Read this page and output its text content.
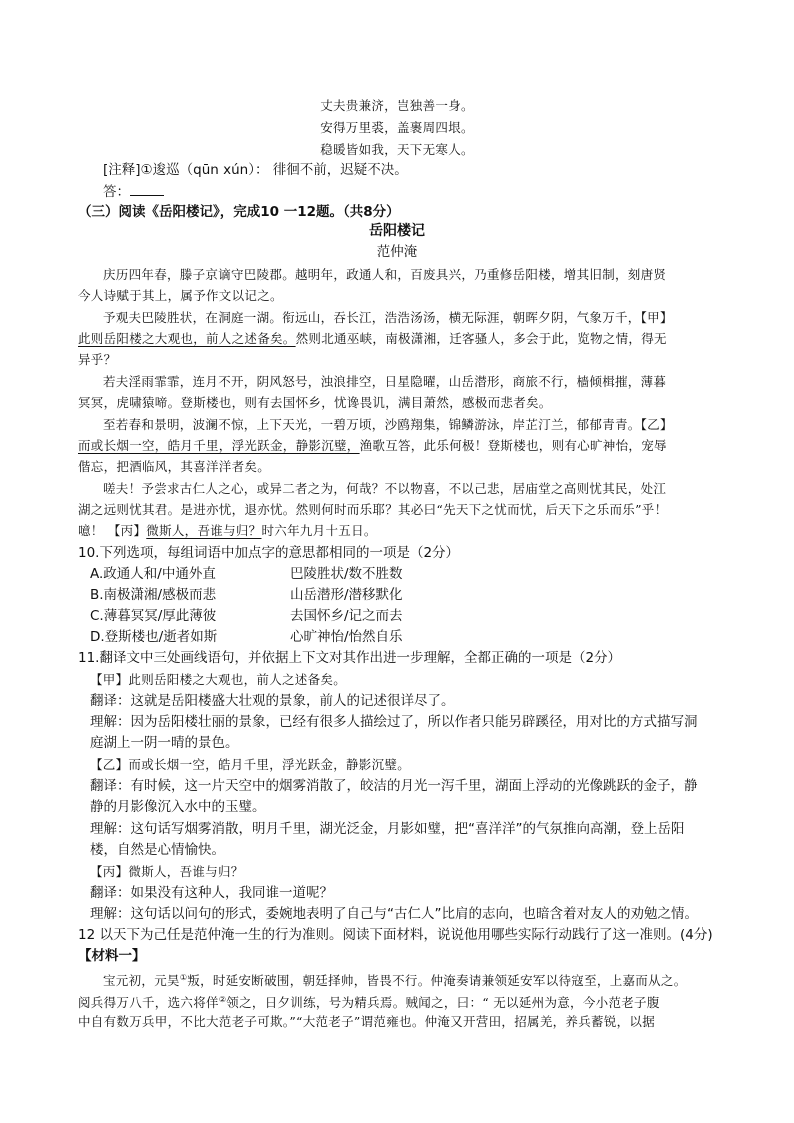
丈夫贵兼济，岂独善一身。
安得万里裘，盖裹周四垠。
稳暖皆如我，天下无寒人。
[注释]①逡巡（qūn xún）： 徘徊不前，迟疑不决。
答：
（三）阅读《岳阳楼记》，完成10 一12题。（共8分）
岳阳楼记
范仲淹
庆历四年春，滕子京谪守巴陵郡。越明年，政通人和，百废具兴，乃重修岳阳楼，增其旧制，刻唐贤
今人诗赋于其上，属予作文以记之。
予观夫巴陵胜状，在洞庭一湖。衔远山，吞长江，浩浩汤汤，横无际涯，朝晖夕阴，气象万千，【甲】
此则岳阳楼之大观也，前人之述备矣。然则北通巫峡，南极潇湘，迁客骚人，多会于此，览物之情，得无
异乎？
若夫淫雨霏霏，连月不开，阴风怒号，浊浪排空，日星隐曜，山岳潜形，商旅不行，樯倾楫摧，薄暮
冥冥，虎啸猿啼。登斯楼也，则有去国怀乡，忧谗畏讥，满目萧然，感极而悲者矣。
至若春和景明，波澜不惊，上下天光，一碧万顷，沙鸥翔集，锦鳞游泳，岸芷汀兰，郁郁青青。【乙】
而或长烟一空，皓月千里，浮光跃金，静影沉璧，渔歌互答，此乐何极！登斯楼也，则有心旷神怡，宠辱
偕忘，把酒临风，其喜洋洋者矣。
嗟夫！予尝求古仁人之心，或异二者之为，何哉？不以物喜，不以己悲，居庙堂之高则忧其民，处江
湖之远则忧其君。是进亦忧，退亦忧。然则何时而乐耶？其必曰“先天下之忧而忧，后天下之乐而乐”乎！
噫！ 【丙】微斯人，吾谁与归？时六年九月十五日。
10.下列选项，每组词语中加点字的意思都相同的一项是（2分）
A.政通人和/中通外直	巴陵胜状/数不胜数
B.南极潇湘/感极而悲	山岳潜形/潜移默化
C.薄暮冥冥/厚此薄彼	去国怀乡/记之而去
D.登斯楼也/逝者如斯	心旷神怡/怡然自乐
11.翻译文中三处画线语句，并依据上下文对其作出进一步理解，全都正确的一项是（2分）
【甲】此则岳阳楼之大观也，前人之述备矣。
翻译：这就是岳阳楼盛大壮观的景象，前人的记述很详尽了。
理解：因为岳阳楼壮丽的景象，已经有很多人描绘过了，所以作者只能另辟蹊径，用对比的方式描写洞
庭湖上一阴一晴的景色。
【乙】而或长烟一空，皓月千里，浮光跃金，静影沉璧。
翻译：有时候，这一片天空中的烟雾消散了，皎洁的月光一泻千里，湖面上浮动的光像跳跃的金子，静
静的月影像沉入水中的玉璧。
理解：这句话写烟雾消散，明月千里，湖光泛金，月影如璧，把“喜洋洋”的气氛推向高潮，登上岳阳
楼，自然是心情愉快。
【丙】微斯人，吾谁与归？
翻译：如果没有这种人，我同谁一道呢？
理解：这句话以问句的形式，委婉地表明了自己与“古仁人”比肩的志向，也暗含着对友人的劝勉之情。
12 以天下为己任是范仲淹一生的行为准则。阅读下面材料，说说他用哪些实际行动践行了这一准则。(4分)
【材料一】
宝元初，元昊①叛，时延安断破围，朝廷择帅，皆畏不行。仲淹奏请兼领延安军以待寇至，上嘉而从之。
阅兵得万八千，选六将佯②领之，日夕训练，号为精兵焉。贼闻之，曰：“ 无以延州为意，今小范老子腹
中自有数万兵甲，不比大范老子可欺。”“大范老子”谓范雍也。仲淹又开营田，招属羌，养兵蓄锐，以据
